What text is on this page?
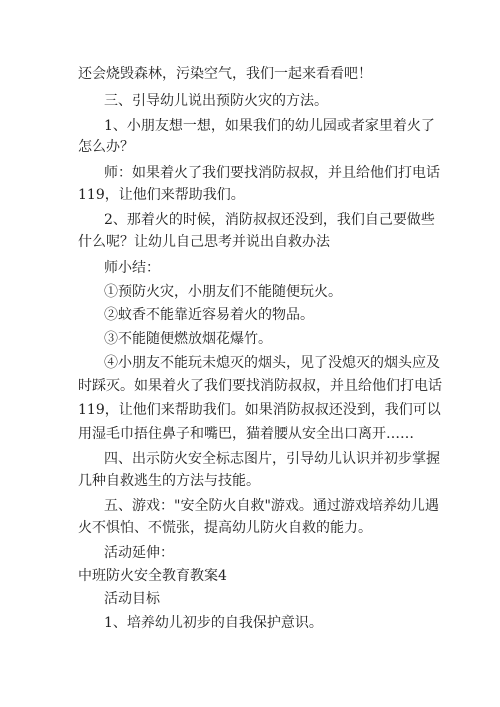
还会烧毁森林，污染空气，我们一起来看看吧！
三、引导幼儿说出预防火灾的方法。
1、小朋友想一想，如果我们的幼儿园或者家里着火了
怎么办？
师：如果着火了我们要找消防叔叔，并且给他们打电话
119，让他们来帮助我们。
2、那着火的时候，消防叔叔还没到，我们自己要做些
什么呢？让幼儿自己思考并说出自救办法
师小结：
①预防火灾，小朋友们不能随便玩火。
②蚊香不能靠近容易着火的物品。
③不能随便燃放烟花爆竹。
④小朋友不能玩未熄灭的烟头，见了没熄灭的烟头应及
时踩灭。如果着火了我们要找消防叔叔，并且给他们打电话
119，让他们来帮助我们。如果消防叔叔还没到，我们可以
用湿毛巾捂住鼻子和嘴巴，猫着腰从安全出口离开……
四、出示防火安全标志图片，引导幼儿认识并初步掌握
几种自救逃生的方法与技能。
五、游戏："安全防火自救"游戏。通过游戏培养幼儿遇
火不惧怕、不慌张，提高幼儿防火自救的能力。
活动延伸：
中班防火安全教育教案4
活动目标
1、培养幼儿初步的自我保护意识。
